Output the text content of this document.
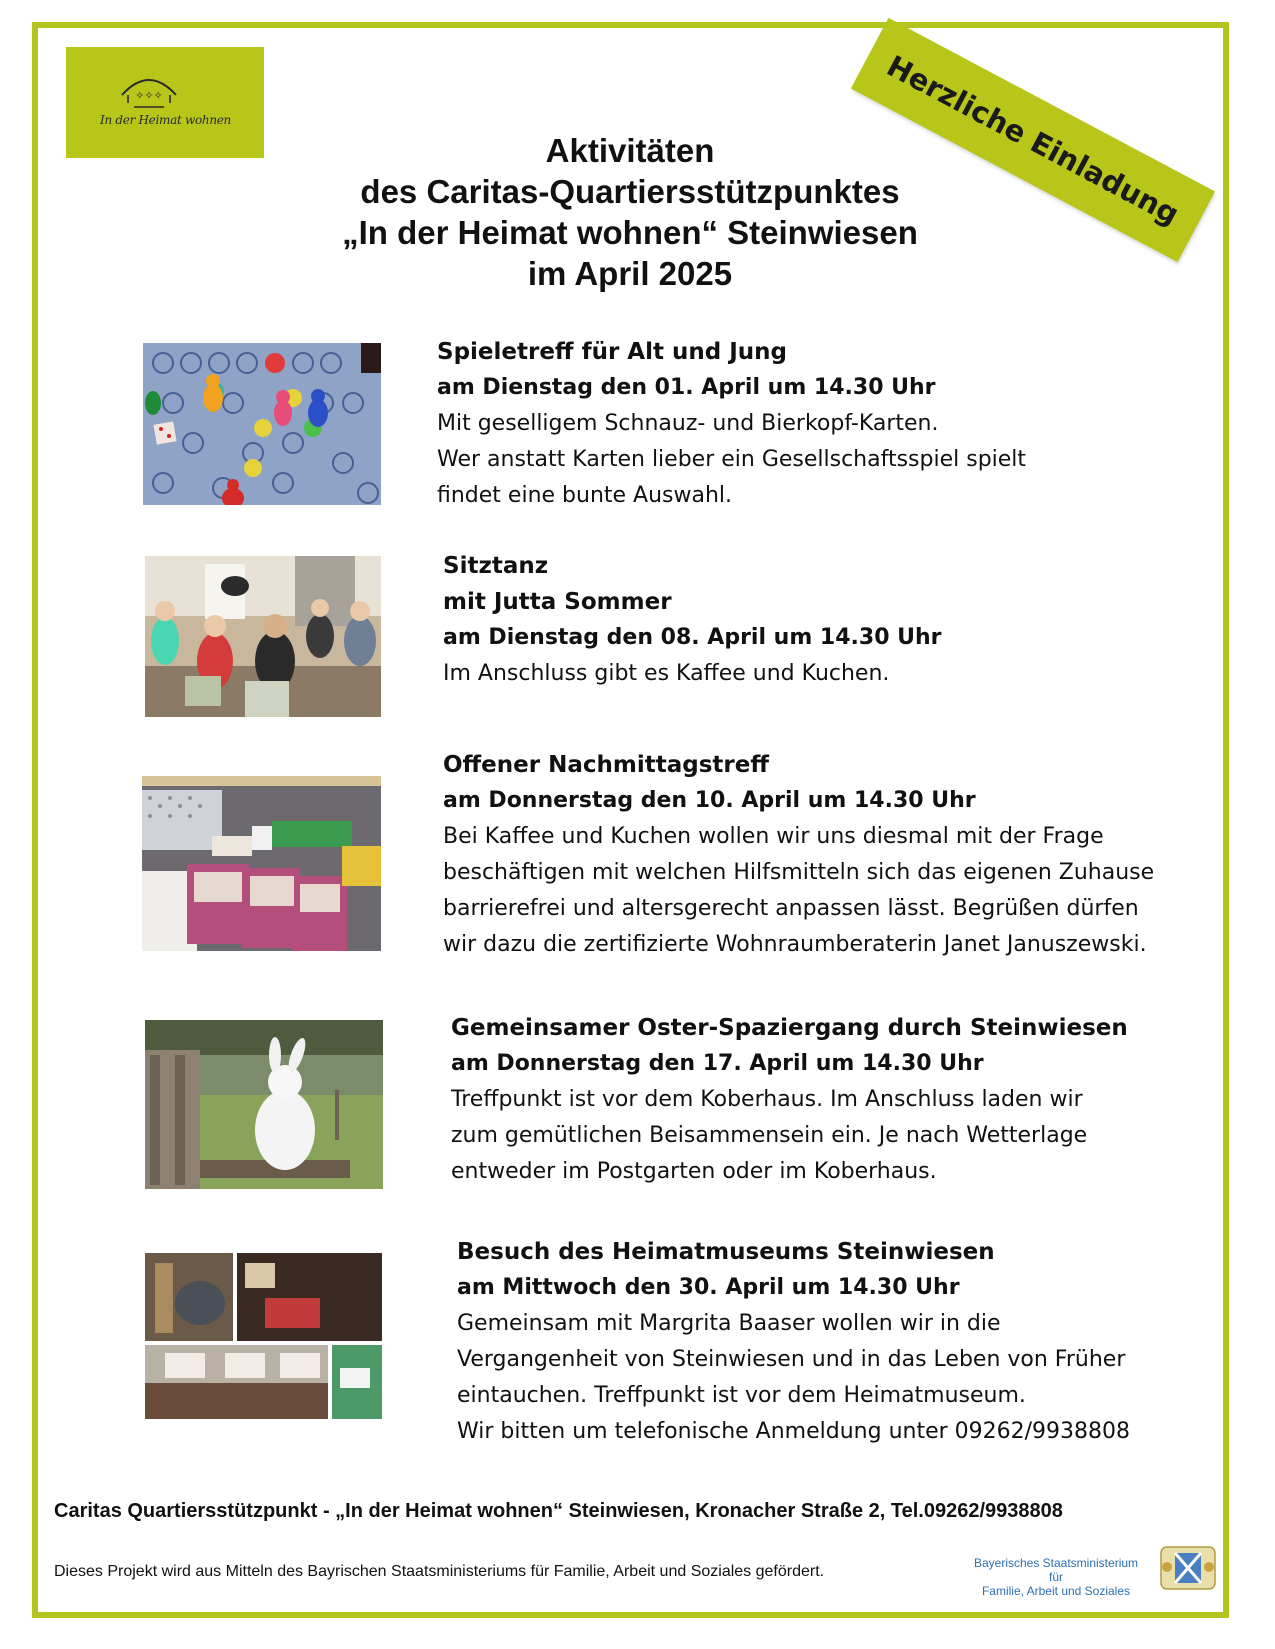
✧✧✧
In der Heimat wohnen	Herzliche Einladung
Aktivitäten
des Caritas-Quartiersstützpunktes
„In der Heimat wohnen“ Steinwiesen
im April 2025
Spieletreff für Alt und Jung
am Dienstag den 01. April um 14.30 Uhr
Mit geselligem Schnauz- und Bierkopf-Karten.
Wer anstatt Karten lieber ein Gesellschaftsspiel spielt
findet eine bunte Auswahl.
Sitztanz
mit Jutta Sommer
am Dienstag den 08. April um 14.30 Uhr
Im Anschluss gibt es Kaffee und Kuchen.
Offener Nachmittagstreff
am Donnerstag den 10. April um 14.30 Uhr
Bei Kaffee und Kuchen wollen wir uns diesmal mit der Frage
beschäftigen mit welchen Hilfsmitteln sich das eigenen Zuhause
barrierefrei und altersgerecht anpassen lässt. Begrüßen dürfen
wir dazu die zertifizierte Wohnraumberaterin Janet Januszewski.
Gemeinsamer Oster-Spaziergang durch Steinwiesen
am Donnerstag den 17. April um 14.30 Uhr
Treffpunkt ist vor dem Koberhaus. Im Anschluss laden wir
zum gemütlichen Beisammensein ein. Je nach Wetterlage
entweder im Postgarten oder im Koberhaus.
Besuch des Heimatmuseums Steinwiesen
am Mittwoch den 30. April um 14.30 Uhr
Gemeinsam mit Margrita Baaser wollen wir in die
Vergangenheit von Steinwiesen und in das Leben von Früher
eintauchen. Treffpunkt ist vor dem Heimatmuseum.
Wir bitten um telefonische Anmeldung unter 09262/9938808
Caritas Quartiersstützpunkt - „In der Heimat wohnen“ Steinwiesen, Kronacher Straße 2, Tel.09262/9938808
Dieses Projekt wird aus Mitteln des Bayrischen Staatsministeriums für Familie, Arbeit und Soziales gefördert.	Bayerisches Staatsministerium für
Familie, Arbeit und Soziales
